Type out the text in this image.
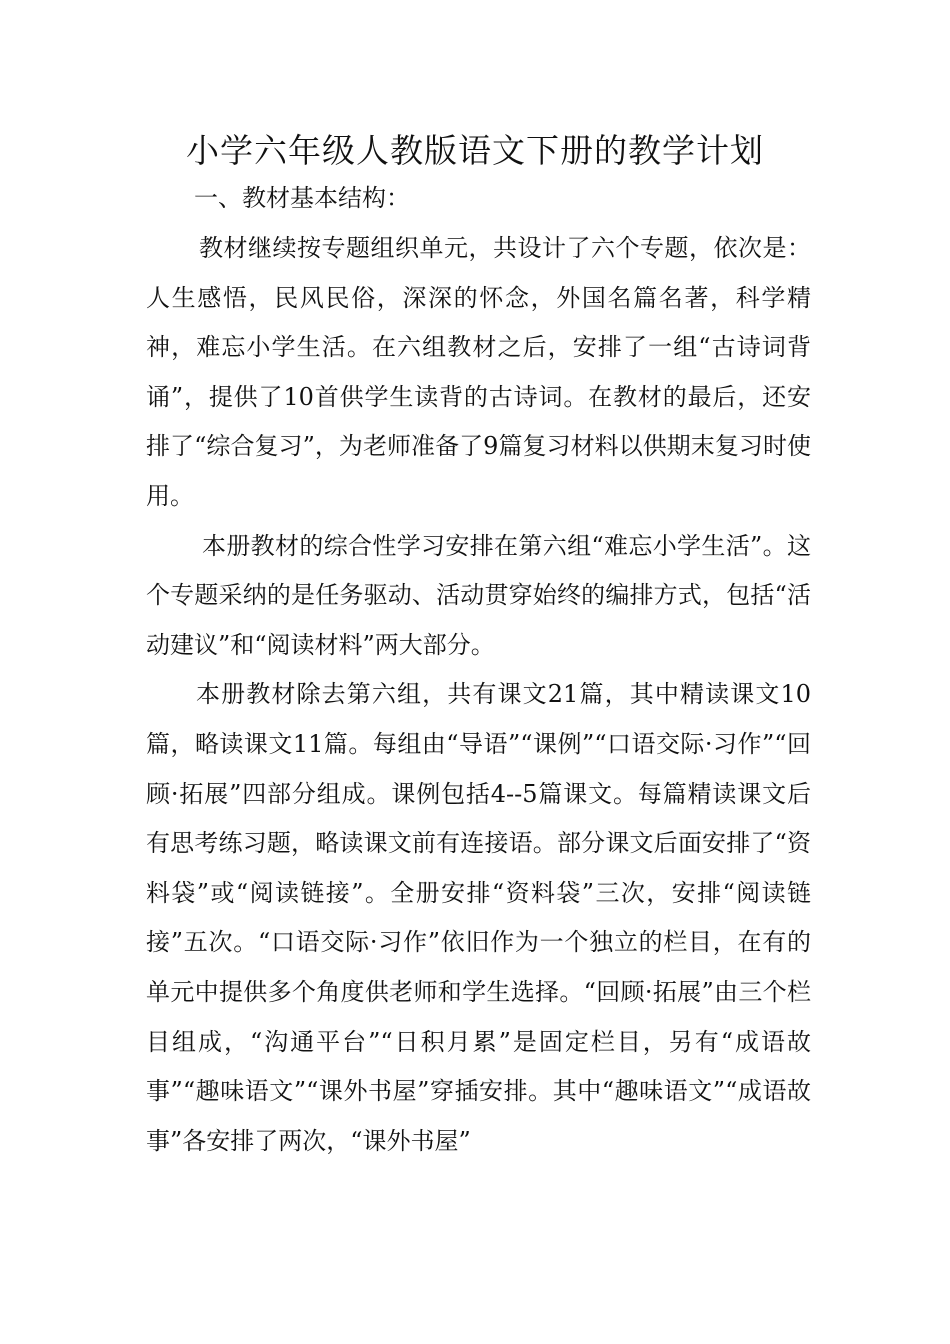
小学六年级人教版语文下册的教学计划
一、教材基本结构：

教材继续按专题组织单元，共设计了六个专题，依次是：人生感悟，民风民俗，深深的怀念，外国名篇名著，科学精神，难忘小学生活。在六组教材之后，安排了一组“古诗词背诵”，提供了10首供学生读背的古诗词。在教材的最后，还安排了“综合复习”，为老师准备了9篇复习材料以供期末复习时使用。

本册教材的综合性学习安排在第六组“难忘小学生活”。这个专题采纳的是任务驱动、活动贯穿始终的编排方式，包括“活动建议”和“阅读材料”两大部分。

本册教材除去第六组，共有课文21篇，其中精读课文10篇，略读课文11篇。每组由“导语”“课例”“口语交际·习作”“回顾·拓展”四部分组成。课例包括4--5篇课文。每篇精读课文后有思考练习题，略读课文前有连接语。部分课文后面安排了“资料袋”或“阅读链接”。全册安排“资料袋”三次，安排“阅读链接”五次。“口语交际·习作”依旧作为一个独立的栏目，在有的单元中提供多个角度供老师和学生选择。“回顾·拓展”由三个栏目组成，“沟通平台”“日积月累”是固定栏目，另有“成语故事”“趣味语文”“课外书屋”穿插安排。其中“趣味语文”“成语故事”各安排了两次，“课外书屋”
